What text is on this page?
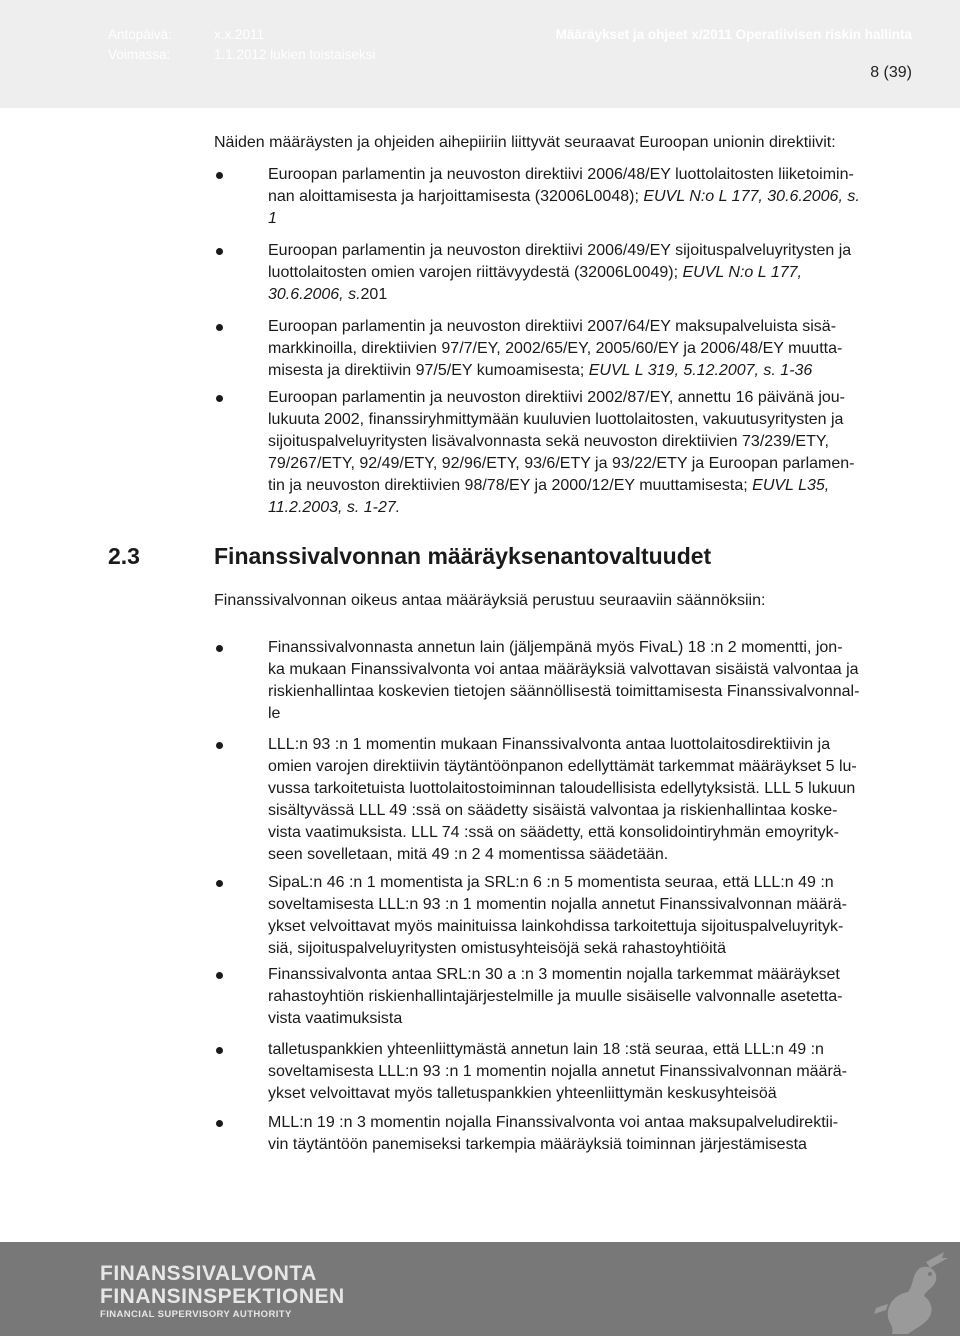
Antopäivä:	x.x.2011
Voimassa:	1.1.2012 lukien toistaiseksi
Määräykset ja ohjeet x/2011 Operatiivisen riskin hallinta
8 (39)
Näiden määräysten ja ohjeiden aihepiiriin liittyvät seuraavat Euroopan unionin direktiivit:
Euroopan parlamentin ja neuvoston direktiivi 2006/48/EY luottolaitosten liiketoimin-
nan aloittamisesta ja harjoittamisesta (32006L0048); EUVL N:o L 177, 30.6.2006, s.
1
Euroopan parlamentin ja neuvoston direktiivi 2006/49/EY sijoituspalveluyritysten ja
luottolaitosten omien varojen riittävyydestä (32006L0049); EUVL N:o L 177,
30.6.2006, s.201
Euroopan parlamentin ja neuvoston direktiivi 2007/64/EY maksupalveluista sisä-
markkinoilla, direktiivien 97/7/EY, 2002/65/EY, 2005/60/EY ja 2006/48/EY muutta-
misesta ja direktiivin 97/5/EY kumoamisesta; EUVL L 319, 5.12.2007, s. 1-36
Euroopan parlamentin ja neuvoston direktiivi 2002/87/EY, annettu 16 päivänä jou-
lukuuta 2002, finanssiryhmittymään kuuluvien luottolaitosten, vakuutusyritysten ja
sijoituspalveluyritysten lisävalvonnasta sekä neuvoston direktiivien 73/239/ETY,
79/267/ETY, 92/49/ETY, 92/96/ETY, 93/6/ETY ja 93/22/ETY ja Euroopan parlamen-
tin ja neuvoston direktiivien 98/78/EY ja 2000/12/EY muuttamisesta; EUVL L35,
11.2.2003, s. 1-27.
2.3	Finanssivalvonnan määräyksenantovaltuudet
Finanssivalvonnan oikeus antaa määräyksiä perustuu seuraaviin säännöksiin:
Finanssivalvonnasta annetun lain (jäljempänä myös FivaL) 18 :n 2 momentti, jon-
ka mukaan Finanssivalvonta voi antaa määräyksiä valvottavan sisäistä valvontaa ja
riskienhallintaa koskevien tietojen säännöllisestä toimittamisesta Finanssivalvonnal-
le
LLL:n 93 :n 1 momentin mukaan Finanssivalvonta antaa luottolaitosdirektiivin ja
omien varojen direktiivin täytäntöönpanon edellyttämät tarkemmat määräykset 5 lu-
vussa tarkoitetuista luottolaitostoiminnan taloudellisista edellytyksistä. LLL 5 lukuun
sisältyvässä LLL 49 :ssä on säädetty sisäistä valvontaa ja riskienhallintaa koske-
vista vaatimuksista. LLL 74 :ssä on säädetty, että konsolidointiryhmän emoyrityk-
seen sovelletaan, mitä 49 :n 2 4 momentissa säädetään.
SipaL:n 46 :n 1 momentista ja SRL:n 6 :n 5 momentista seuraa, että LLL:n 49 :n
soveltamisesta LLL:n 93 :n 1 momentin nojalla annetut Finanssivalvonnan määrä-
ykset velvoittavat myös mainituissa lainkohdissa tarkoitettuja sijoituspalveluyrityk-
siä, sijoituspalveluyritysten omistusyhteisöjä sekä rahastoyhtiöitä
Finanssivalvonta antaa SRL:n 30 a :n 3 momentin nojalla tarkemmat määräykset
rahastoyhtiön riskienhallintajärjestelmille ja muulle sisäiselle valvonnalle asetetta-
vista vaatimuksista
talletuspankkien yhteenliittymästä annetun lain 18 :stä seuraa, että LLL:n 49 :n
soveltamisesta LLL:n 93 :n 1 momentin nojalla annetut Finanssivalvonnan määrä-
ykset velvoittavat myös talletuspankkien yhteenliittymän keskusyhteisöä
MLL:n 19 :n 3 momentin nojalla Finanssivalvonta voi antaa maksupalveludirektii-
vin täytäntöön panemiseksi tarkempia määräyksiä toiminnan järjestämisesta
FINANSSIVALVONTA
FINANSINSPEKTIONEN
FINANCIAL SUPERVISORY AUTHORITY
